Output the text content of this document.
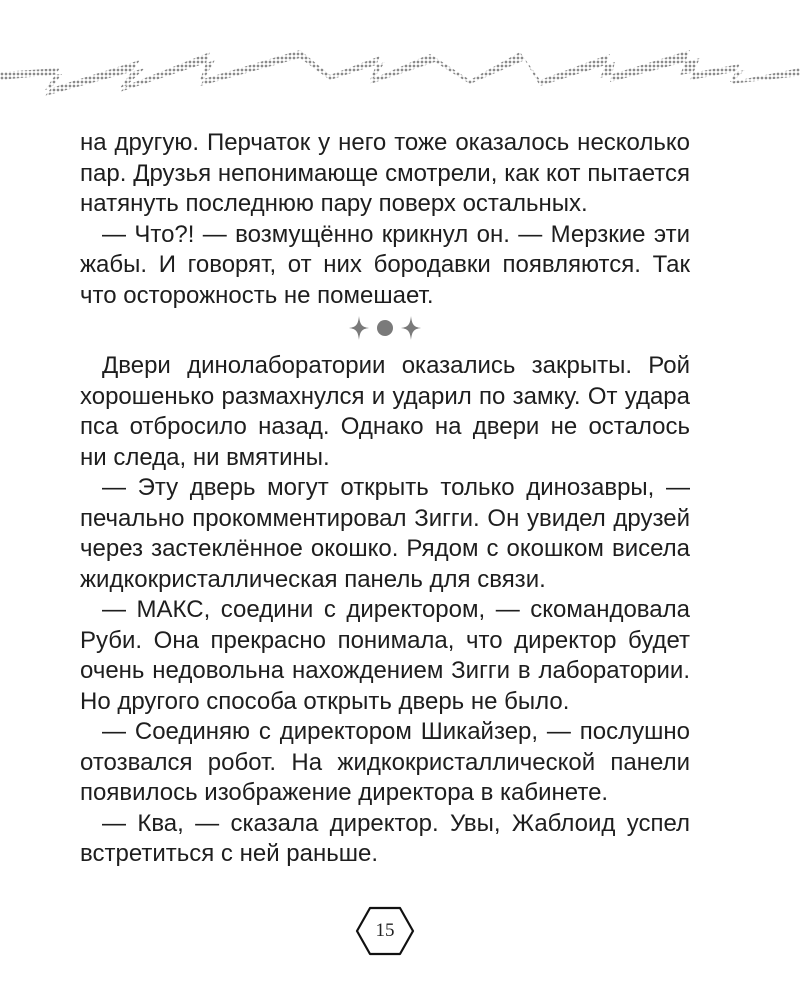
на другую. Перчаток у него тоже оказалось несколько пар. Друзья непонимающе смотрели, как кот пытается натянуть последнюю пару поверх остальных.

— Что?! — возмущённо крикнул он. — Мерзкие эти жабы. И говорят, от них бородавки появляются. Так что осторожность не помешает.

Двери динолаборатории оказались закрыты. Рой хорошенько размахнулся и ударил по замку. От удара пса отбросило назад. Однако на двери не осталось ни следа, ни вмятины.

— Эту дверь могут открыть только динозавры, — печально прокомментировал Зигги. Он увидел друзей через застеклённое окошко. Рядом с окошком висела жидкокристаллическая панель для связи.

— МАКС, соедини с директором, — скомандовала Руби. Она прекрасно понимала, что директор будет очень недовольна нахождением Зигги в лаборатории. Но другого способа открыть дверь не было.

— Соединяю с директором Шикайзер, — послушно отозвался робот. На жидкокристаллической панели появилось изображение директора в кабинете.

— Ква, — сказала директор. Увы, Жаблоид успел встретиться с ней раньше.

15
